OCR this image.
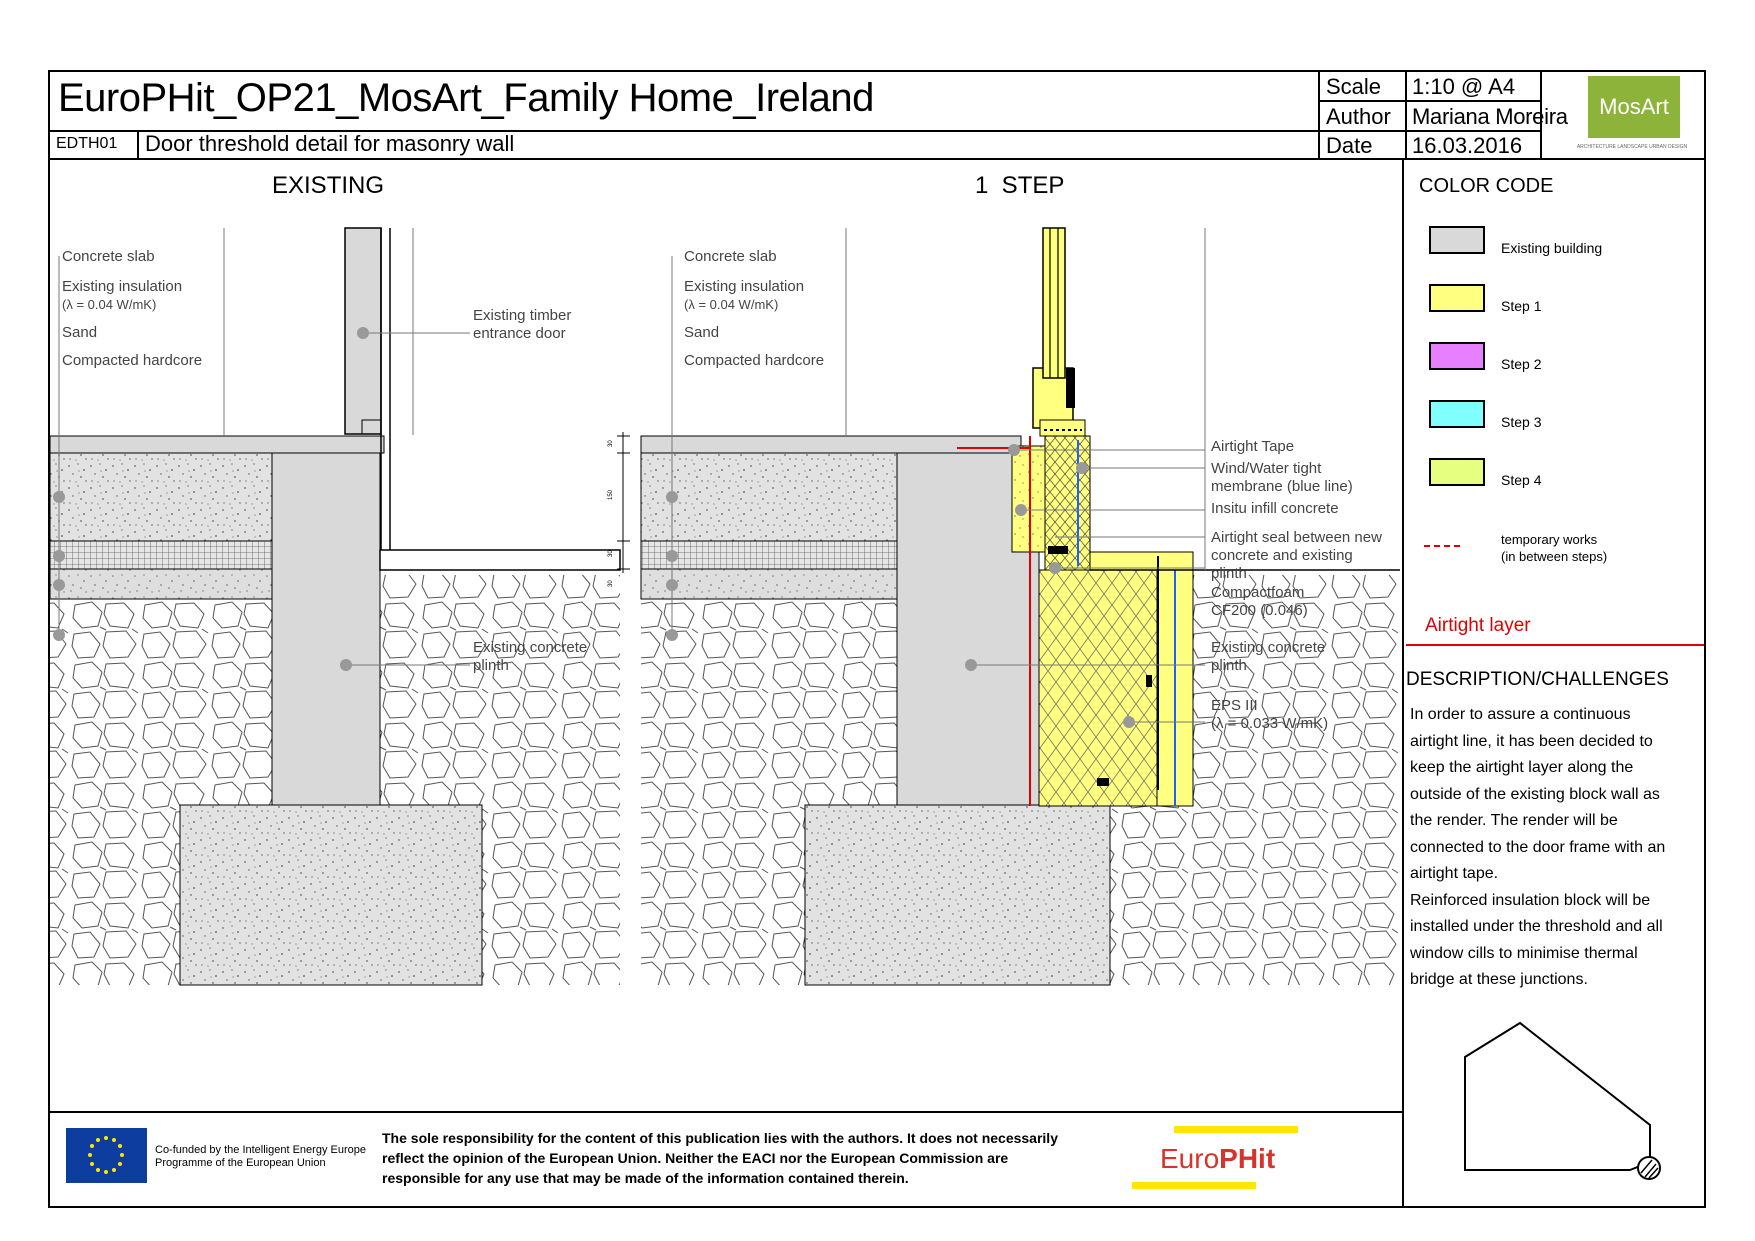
EuroPHit_OP21_MosArt_Family Home_Ireland
EDTH01 Door threshold detail for masonry wall
Scale 1:10 @ A4
Author Mariana Moreira
Date 16.03.2016
MosArt
ARCHITECTURE LANDSCAPE URBAN DESIGN
EXISTING	1  STEP
30
150
30
30
Concrete slab
Existing insulation
(λ = 0.04 W/mK)
Sand
Compacted hardcore
Existing timber
entrance door
Existing concrete
plinth
Concrete slab
Existing insulation
(λ = 0.04 W/mK)
Sand
Compacted hardcore
Airtight Tape
Wind/Water tight
membrane (blue line)
Insitu infill concrete
Airtight seal between new
concrete and existing
plinth
Compactfoam
CF200 (0.046)
Existing concrete
plinth
EPS III
(λ = 0.033 W/mK)
COLOR CODE
Existing building
Step 1
Step 2
Step 3
Step 4
temporary works
(in between steps)
Airtight layer
DESCRIPTION/CHALLENGES
In order to assure a continuous
airtight line, it has been decided to
keep the airtight layer along the
outside of the existing block wall as
the render. The render will be
connected to the door frame with an
airtight tape.
Reinforced insulation block will be
installed under the threshold and all
window cills to minimise thermal
bridge at these junctions.
Co-funded by the Intelligent Energy Europe
Programme of the European Union
The sole responsibility for the content of this publication lies with the authors. It does not necessarily
reflect the opinion of the European Union. Neither the EACI nor the European Commission are
responsible for any use that may be made of the information contained therein.
EuroPHit
